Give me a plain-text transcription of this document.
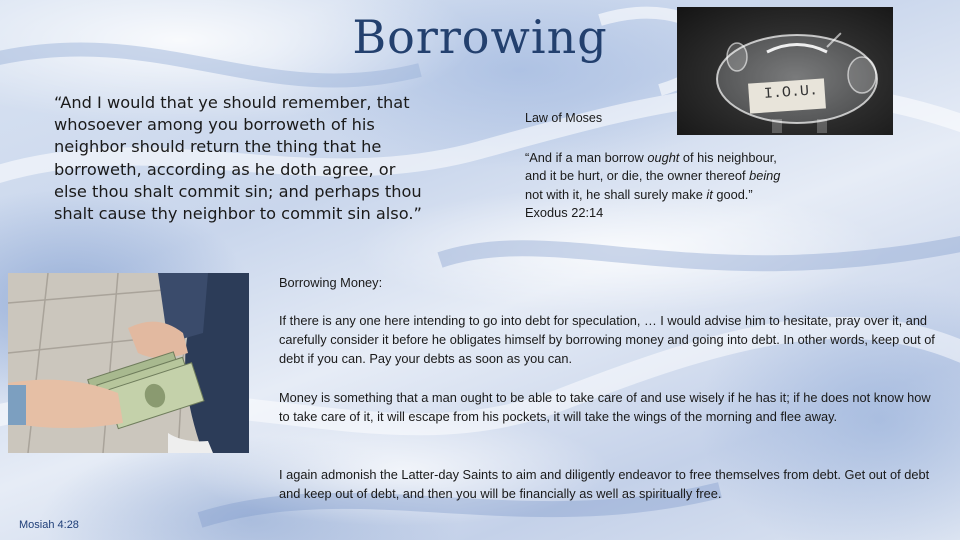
Borrowing

“And I would that ye should remember, that whosoever among you borroweth of his neighbor should return the thing that he borroweth, according as he doth agree, or else thou shalt commit sin; and perhaps thou shalt cause thy neighbor to commit sin also.”

I.O.U.
Law of Moses

“And if a man borrow ought of his neighbour, and it be hurt, or die, the owner thereof being not with it, he shall surely make it good.”
Exodus 22:14

Borrowing Money:

If there is any one here intending to go into debt for speculation, … I would advise him to hesitate, pray over it, and carefully consider it before he obligates himself by borrowing money and going into debt. In other words, keep out of debt if you can. Pay your debts as soon as you can.

Money is something that a man ought to be able to take care of and use wisely if he has it; if he does not know how to take care of it, it will escape from his pockets, it will take the wings of the morning and flee away.

I again admonish the Latter-day Saints to aim and diligently endeavor to free themselves from debt. Get out of debt and keep out of debt, and then you will be financially as well as spiritually free.

Mosiah 4:28
